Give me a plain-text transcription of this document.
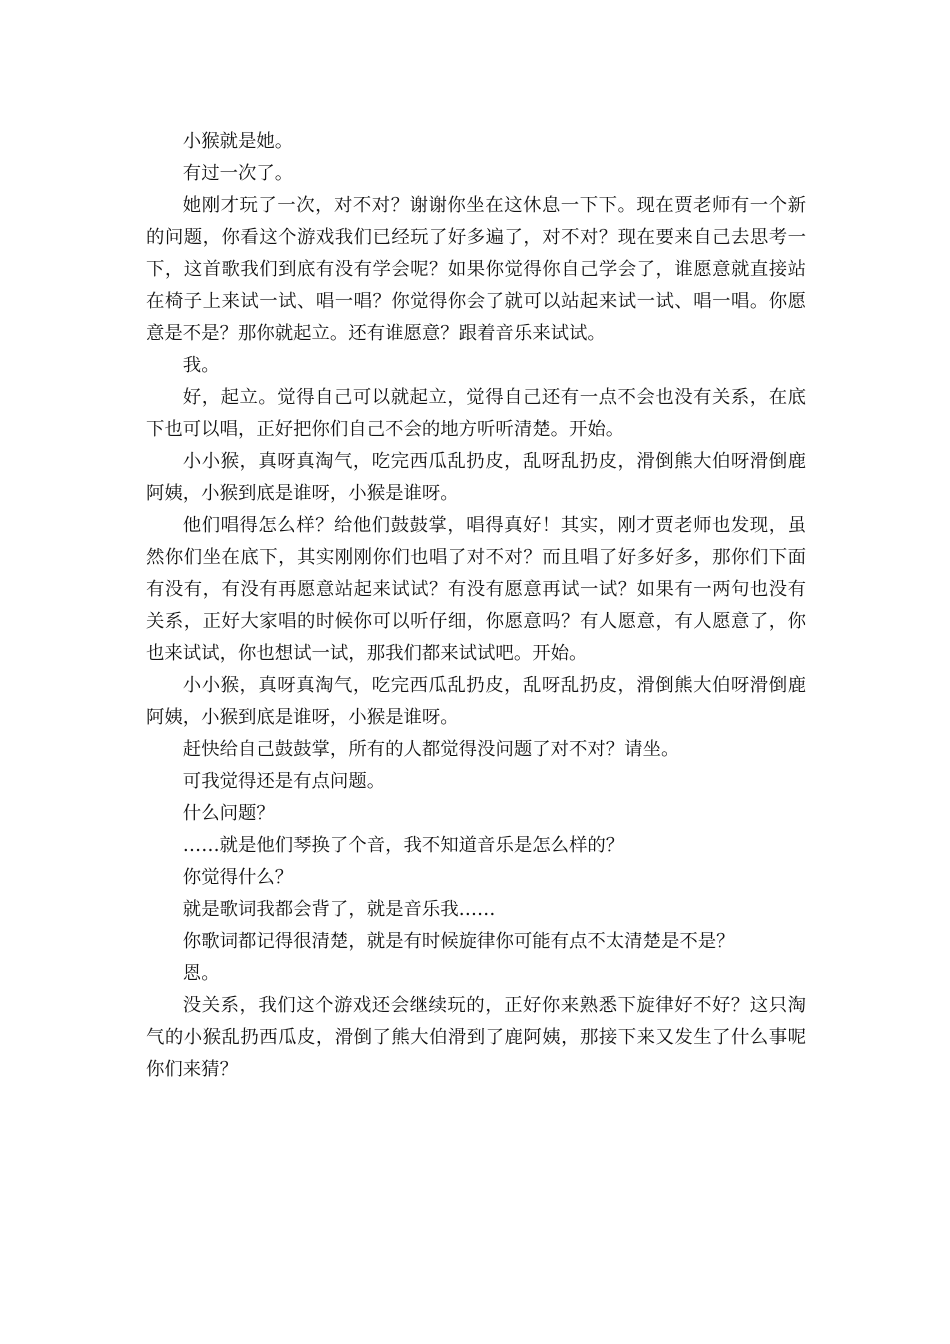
小猴就是她。

有过一次了。

她刚才玩了一次，对不对？谢谢你坐在这休息一下下。现在贾老师有一个新的问题，你看这个游戏我们已经玩了好多遍了，对不对？现在要来自己去思考一下，这首歌我们到底有没有学会呢？如果你觉得你自己学会了，谁愿意就直接站在椅子上来试一试、唱一唱？你觉得你会了就可以站起来试一试、唱一唱。你愿意是不是？那你就起立。还有谁愿意？跟着音乐来试试。

我。

好，起立。觉得自己可以就起立，觉得自己还有一点不会也没有关系，在底下也可以唱，正好把你们自己不会的地方听听清楚。开始。

小小猴，真呀真淘气，吃完西瓜乱扔皮，乱呀乱扔皮，滑倒熊大伯呀滑倒鹿阿姨，小猴到底是谁呀，小猴是谁呀。

他们唱得怎么样？给他们鼓鼓掌，唱得真好！其实，刚才贾老师也发现，虽然你们坐在底下，其实刚刚你们也唱了对不对？而且唱了好多好多，那你们下面有没有，有没有再愿意站起来试试？有没有愿意再试一试？如果有一两句也没有关系，正好大家唱的时候你可以听仔细，你愿意吗？有人愿意，有人愿意了，你也来试试，你也想试一试，那我们都来试试吧。开始。

小小猴，真呀真淘气，吃完西瓜乱扔皮，乱呀乱扔皮，滑倒熊大伯呀滑倒鹿阿姨，小猴到底是谁呀，小猴是谁呀。

赶快给自己鼓鼓掌，所有的人都觉得没问题了对不对？请坐。

可我觉得还是有点问题。

什么问题？

……就是他们琴换了个音，我不知道音乐是怎么样的？

你觉得什么？

就是歌词我都会背了，就是音乐我……

你歌词都记得很清楚，就是有时候旋律你可能有点不太清楚是不是？

恩。

没关系，我们这个游戏还会继续玩的，正好你来熟悉下旋律好不好？这只淘气的小猴乱扔西瓜皮，滑倒了熊大伯滑到了鹿阿姨，那接下来又发生了什么事呢你们来猜？
